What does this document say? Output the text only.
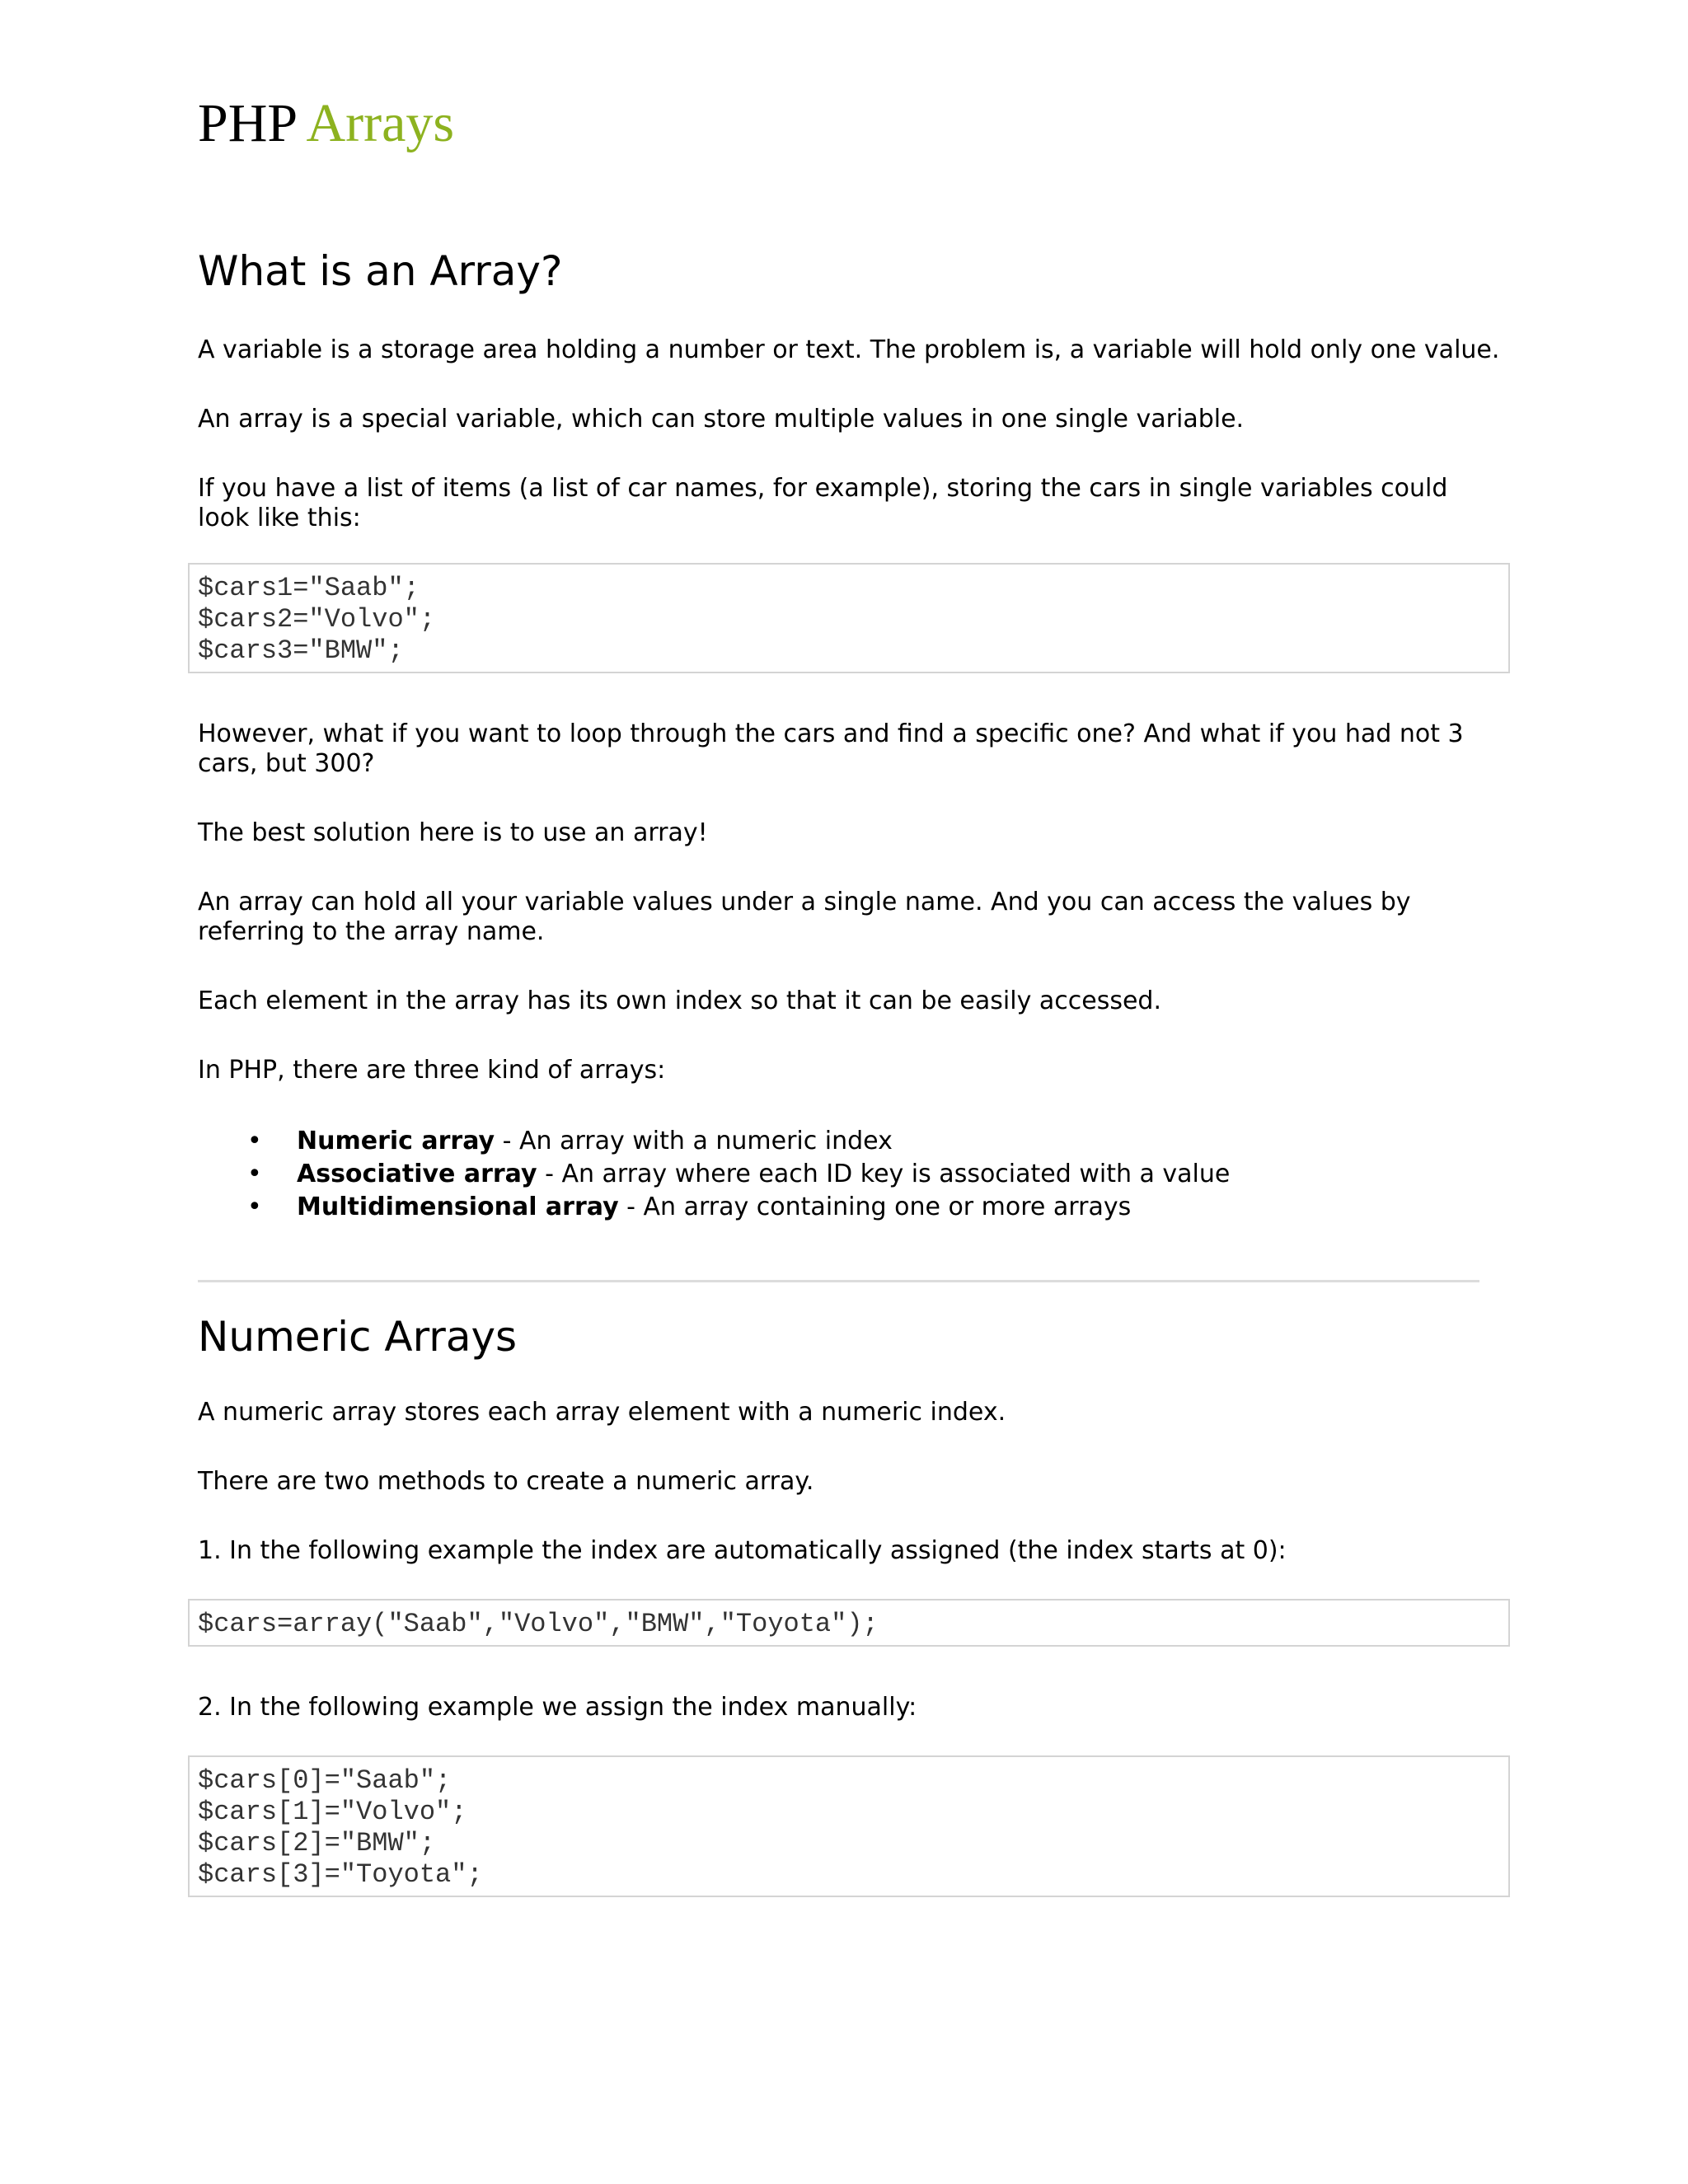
PHP Arrays
What is an Array?

A variable is a storage area holding a number or text. The problem is, a variable will hold only one value.

An array is a special variable, which can store multiple values in one single variable.

If you have a list of items (a list of car names, for example), storing the cars in single variables could look like this:

$cars1="Saab";
$cars2="Volvo";
$cars3="BMW";

However, what if you want to loop through the cars and find a specific one? And what if you had not 3 cars, but 300?

The best solution here is to use an array!

An array can hold all your variable values under a single name. And you can access the values by referring to the array name.

Each element in the array has its own index so that it can be easily accessed.

In PHP, there are three kind of arrays:

• Numeric array - An array with a numeric index
• Associative array - An array where each ID key is associated with a value
• Multidimensional array - An array containing one or more arrays
Numeric Arrays

A numeric array stores each array element with a numeric index.

There are two methods to create a numeric array.

1. In the following example the index are automatically assigned (the index starts at 0):

$cars=array("Saab","Volvo","BMW","Toyota");

2. In the following example we assign the index manually:

$cars[0]="Saab";
$cars[1]="Volvo";
$cars[2]="BMW";
$cars[3]="Toyota";
